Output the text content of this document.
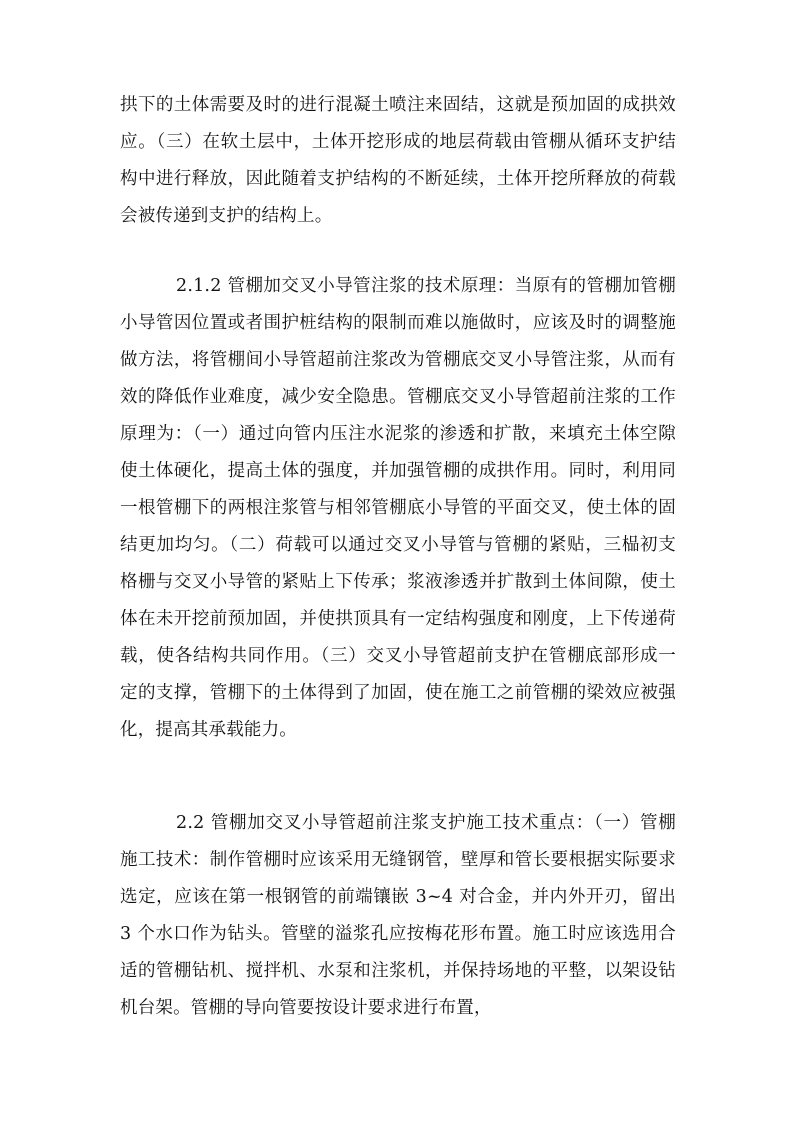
拱下的土体需要及时的进行混凝土喷注来固结，这就是预加固的成拱效应。（三）在软土层中，土体开挖形成的地层荷载由管棚从循环支护结构中进行释放，因此随着支护结构的不断延续，土体开挖所释放的荷载会被传递到支护的结构上。

2.1.2 管棚加交叉小导管注浆的技术原理：当原有的管棚加管棚小导管因位置或者围护桩结构的限制而难以施做时，应该及时的调整施做方法，将管棚间小导管超前注浆改为管棚底交叉小导管注浆，从而有效的降低作业难度，减少安全隐患。管棚底交叉小导管超前注浆的工作原理为：（一）通过向管内压注水泥浆的渗透和扩散，来填充土体空隙使土体硬化，提高土体的强度，并加强管棚的成拱作用。同时，利用同一根管棚下的两根注浆管与相邻管棚底小导管的平面交叉，使土体的固结更加均匀。（二）荷载可以通过交叉小导管与管棚的紧贴，三榀初支格栅与交叉小导管的紧贴上下传承；浆液渗透并扩散到土体间隙，使土体在未开挖前预加固，并使拱顶具有一定结构强度和刚度，上下传递荷载，使各结构共同作用。（三）交叉小导管超前支护在管棚底部形成一定的支撑，管棚下的土体得到了加固，使在施工之前管棚的梁效应被强化，提高其承载能力。

2.2 管棚加交叉小导管超前注浆支护施工技术重点：（一）管棚施工技术：制作管棚时应该采用无缝钢管，壁厚和管长要根据实际要求选定，应该在第一根钢管的前端镶嵌 3~4 对合金，并内外开刃，留出 3 个水口作为钻头。管壁的溢浆孔应按梅花形布置。施工时应该选用合适的管棚钻机、搅拌机、水泵和注浆机，并保持场地的平整，以架设钻机台架。管棚的导向管要按设计要求进行布置，
